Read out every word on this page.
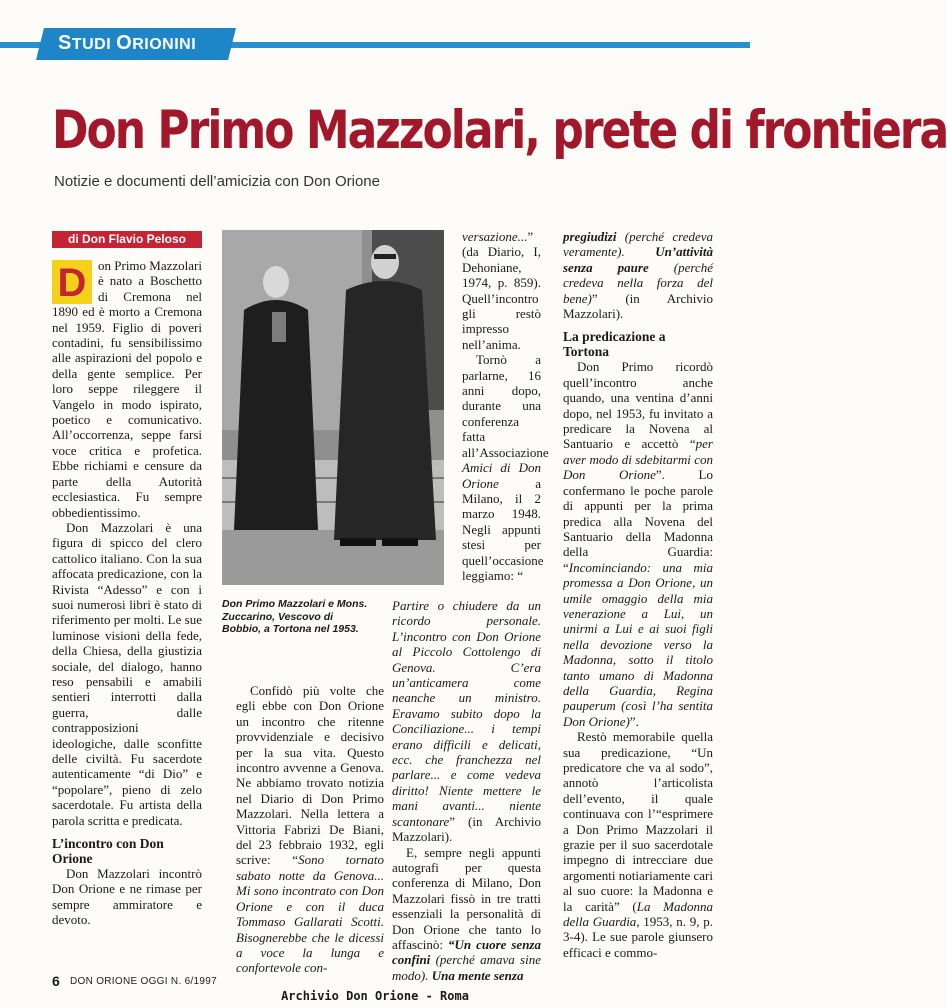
STUDI ORIONINI
Don Primo Mazzolari, prete di frontiera
Notizie e documenti dell’amicizia con Don Orione
di Don Flavio Peloso

D on Primo Mazzolari è nato a Boschetto di Cremona nel 1890 ed è morto a Cremona nel 1959. Figlio di poveri contadini, fu sensibilissimo alle aspirazioni del popolo e della gente semplice. Per loro seppe rileggere il Vangelo in modo ispirato, poetico e comunicativo. All’occorrenza, seppe farsi voce critica e profetica. Ebbe richiami e censure da parte della Autorità ecclesiastica. Fu sempre obbedientissimo.

Don Mazzolari è una figura di spicco del clero cattolico italiano. Con la sua affocata predicazione, con la Rivista “Adesso” e con i suoi numerosi libri è stato di riferimento per molti. Le sue luminose visioni della fede, della Chiesa, della giustizia sociale, del dialogo, hanno reso pensabili e amabili sentieri interrotti dalla guerra, dalle contrapposizioni ideologiche, dalle sconfitte delle civiltà. Fu sacerdote autenticamente “di Dio” e “popolare”, pieno di zelo sacerdotale. Fu artista della parola scritta e predicata.

L’incontro con Don Orione

Don Mazzolari incontrò Don Orione e ne rimase per sempre ammiratore e devoto.

Don Primo Mazzolari e Mons. Zuccarino, Vescovo di Bobbio, a Tortona nel 1953.

Confidò più volte che egli ebbe con Don Orione un incontro che ritenne provvidenziale e decisivo per la sua vita. Questo incontro avvenne a Genova. Ne abbiamo trovato notizia nel Diario di Don Primo Mazzolari. Nella lettera a Vittoria Fabrizi De Biani, del 23 febbraio 1932, egli scrive: “Sono tornato sabato notte da Genova... Mi sono incontrato con Don Orione e con il duca Tommaso Gallarati Scotti. Bisognerebbe che le dicessi a voce la lunga e confortevole con-

versazione...” (da Diario, I, Dehoniane, 1974, p. 859). Quell’incontro gli restò impresso nell’anima.

Tornò a parlarne, 16 anni dopo, durante una conferenza fatta all’Associazione Amici di Don Orione a Milano, il 2 marzo 1948. Negli appunti stesi per quell’occasione leggiamo: “

Partire o chiudere da un ricordo personale. L’incontro con Don Orione al Piccolo Cottolengo di Genova. C’era un’anticamera come neanche un ministro. Eravamo subito dopo la Conciliazione... i tempi erano difficili e delicati, ecc. che franchezza nel parlare... e come vedeva diritto! Niente mettere le mani avanti... niente scantonare” (in Archivio Mazzolari).

E, sempre negli appunti autografi per questa conferenza di Milano, Don Mazzolari fissò in tre tratti essenziali la personalità di Don Orione che tanto lo affascinò: “Un cuore senza confini (perché amava sine modo). Una mente senza

pregiudizi (perché credeva veramente). Un’attività senza paure (perché credeva nella forza del bene)” (in Archivio Mazzolari).

La predicazione a Tortona

Don Primo ricordò quell’incontro anche quando, una ventina d’anni dopo, nel 1953, fu invitato a predicare la Novena al Santuario e accettò “per aver modo di sdebitarmi con Don Orione”. Lo confermano le poche parole di appunti per la prima predica alla Novena del Santuario della Madonna della Guardia: “Incominciando: una mia promessa a Don Orione, un umile omaggio della mia venerazione a Lui, un unirmi a Lui e ai suoi figli nella devozione verso la Madonna, sotto il titolo tanto umano di Madonna della Guardia, Regina pauperum (così l’ha sentita Don Orione)”.

Restò memorabile quella sua predicazione, “Un predicatore che va al sodo”, annotò l’articolista dell’evento, il quale continuava con l’“esprimere a Don Primo Mazzolari il grazie per il suo sacerdotale impegno di intrecciare due argomenti notiariamente cari al suo cuore: la Madonna e la carità” (La Madonna della Guardia, 1953, n. 9, p. 3-4). Le sue parole giunsero efficaci e commo-

6 DON ORIONE OGGI N. 6/1997
Archivio Don Orione - Roma
